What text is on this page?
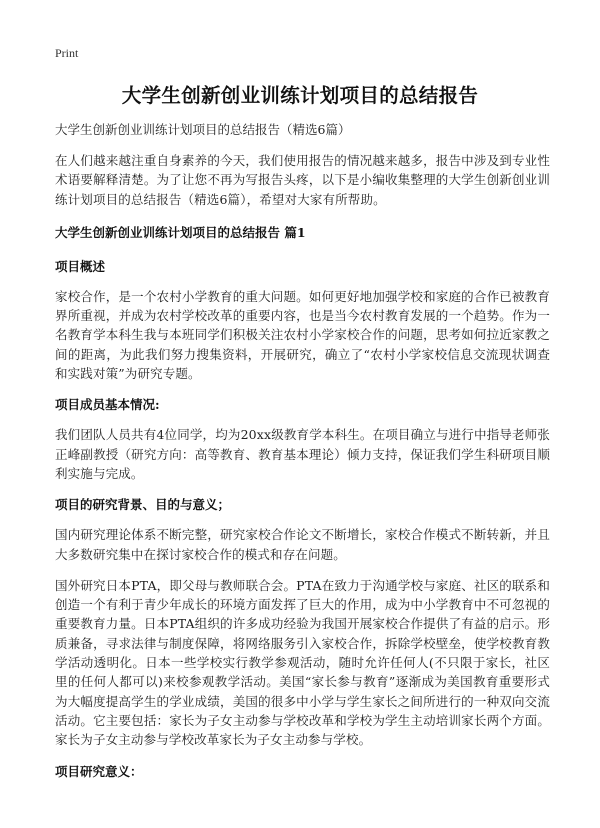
Print
大学生创新创业训练计划项目的总结报告

大学生创新创业训练计划项目的总结报告（精选6篇）

在人们越来越注重自身素养的今天，我们使用报告的情况越来越多，报告中涉及到专业性术语要解释清楚。为了让您不再为写报告头疼，以下是小编收集整理的大学生创新创业训练计划项目的总结报告（精选6篇），希望对大家有所帮助。

大学生创新创业训练计划项目的总结报告 篇1

项目概述

家校合作，是一个农村小学教育的重大问题。如何更好地加强学校和家庭的合作已被教育界所重视，并成为农村学校改革的重要内容，也是当今农村教育发展的一个趋势。作为一名教育学本科生我与本班同学们积极关注农村小学家校合作的问题，思考如何拉近家教之间的距离，为此我们努力搜集资料，开展研究，确立了“农村小学家校信息交流现状调查和实践对策”为研究专题。

项目成员基本情况:

我们团队人员共有4位同学，均为20xx级教育学本科生。在项目确立与进行中指导老师张正峰副教授（研究方向：高等教育、教育基本理论）倾力支持，保证我们学生科研项目顺利实施与完成。

项目的研究背景、目的与意义；

国内研究理论体系不断完整，研究家校合作论文不断增长，家校合作模式不断转新，并且大多数研究集中在探讨家校合作的模式和存在问题。

国外研究日本PTA，即父母与教师联合会。PTA在致力于沟通学校与家庭、社区的联系和创造一个有利于青少年成长的环境方面发挥了巨大的作用，成为中小学教育中不可忽视的重要教育力量。日本PTA组织的许多成功经验为我国开展家校合作提供了有益的启示。形质兼备，寻求法律与制度保障，将网络服务引入家校合作，拆除学校壁垒，使学校教育教学活动透明化。日本一些学校实行教学参观活动，随时允许任何人(不只限于家长，社区里的任何人都可以)来校参观教学活动。美国“家长参与教育”逐渐成为美国教育重要形式为大幅度提高学生的学业成绩，美国的很多中小学与学生家长之间所进行的一种双向交流活动。它主要包括：家长为子女主动参与学校改革和学校为学生主动培训家长两个方面。家长为子女主动参与学校改革家长为子女主动参与学校。

项目研究意义：
